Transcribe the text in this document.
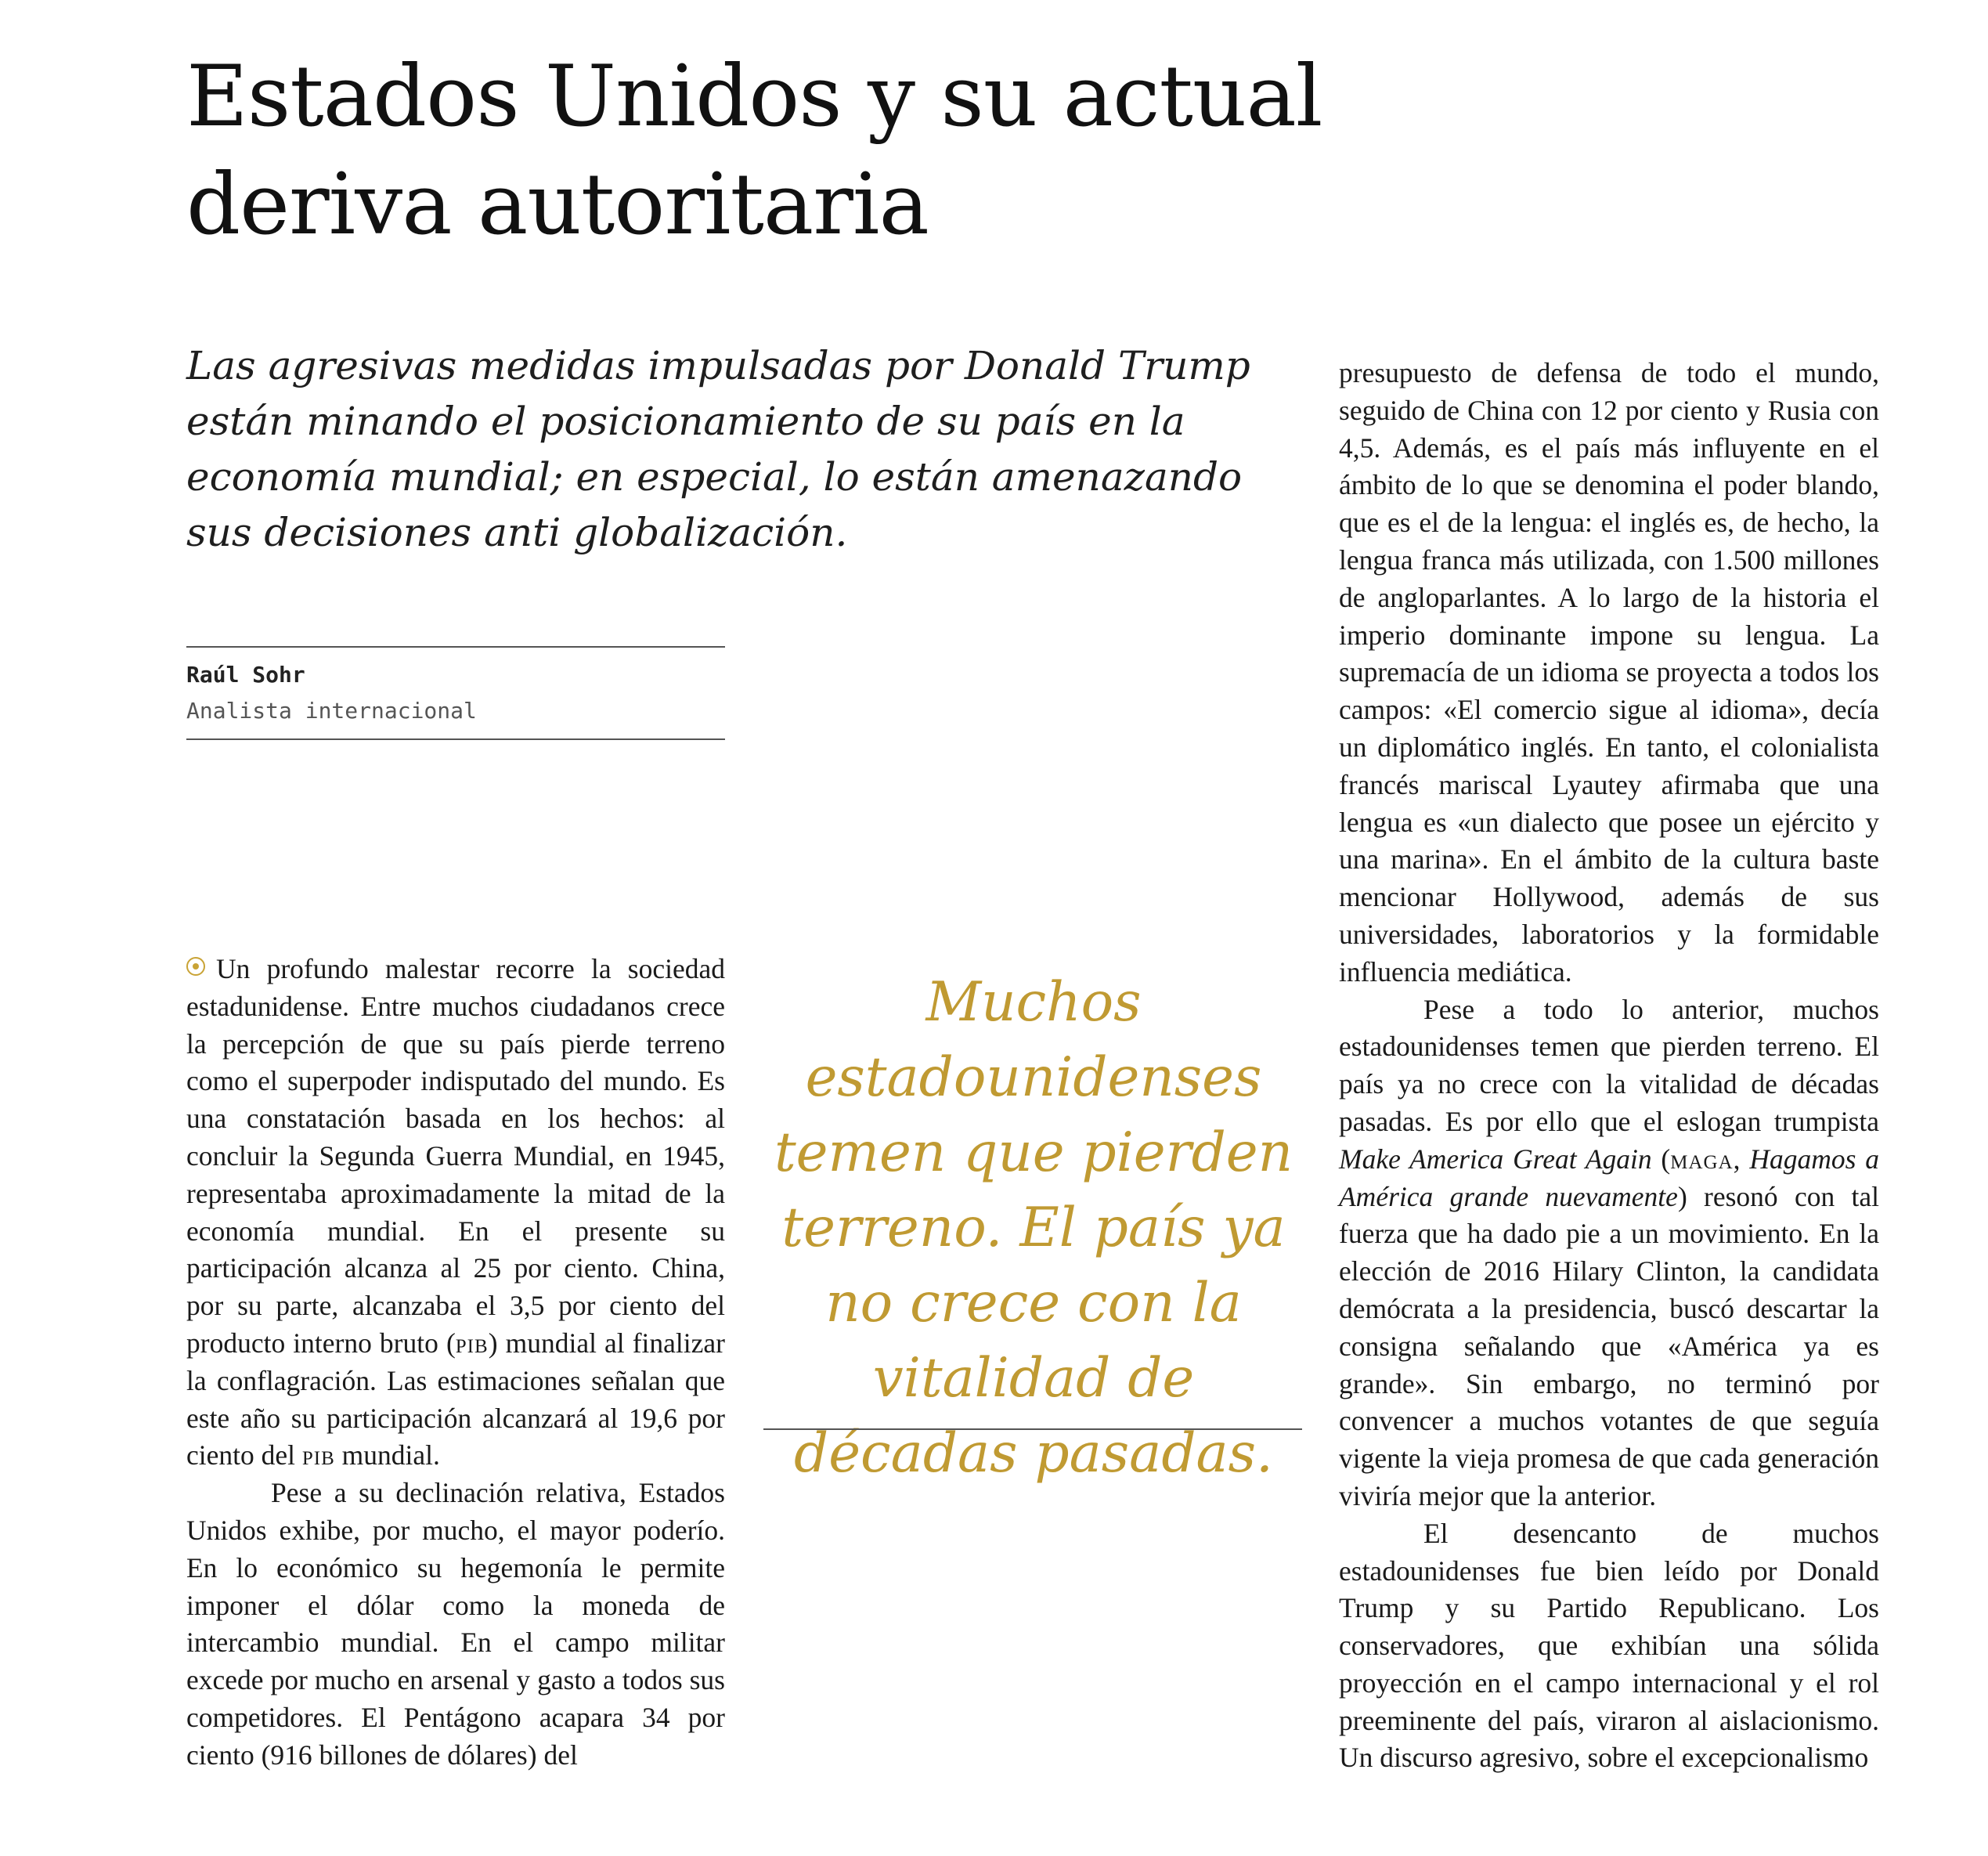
Estados Unidos y su actual deriva autoritaria

Las agresivas medidas impulsadas por Donald Trump están minando el posicionamiento de su país en la economía mundial; en especial, lo están amenazando sus decisiones anti globalización.

Raúl Sohr
Analista internacional

Un profundo malestar recorre la sociedad estadunidense. Entre muchos ciudadanos crece la percepción de que su país pierde terreno como el superpoder indisputado del mundo. Es una constatación basada en los hechos: al concluir la Segunda Guerra Mundial, en 1945, representaba aproximadamente la mitad de la economía mundial. En el presente su participación alcanza al 25 por ciento. China, por su parte, alcanzaba el 3,5 por ciento del producto interno bruto (pib) mundial al finalizar la conflagración. Las estimaciones señalan que este año su participación alcanzará al 19,6 por ciento del pib mundial.

Pese a su declinación relativa, Estados Unidos exhibe, por mucho, el mayor poderío. En lo económico su hegemonía le permite imponer el dólar como la moneda de intercambio mundial. En el campo militar excede por mucho en arsenal y gasto a todos sus competidores. El Pentágono acapara 34 por ciento (916 billones de dólares) del

Muchos estadounidenses temen que pierden terreno. El país ya no crece con la vitalidad de décadas pasadas.

presupuesto de defensa de todo el mundo, seguido de China con 12 por ciento y Rusia con 4,5. Además, es el país más influyente en el ámbito de lo que se denomina el poder blando, que es el de la lengua: el inglés es, de hecho, la lengua franca más utilizada, con 1.500 millones de angloparlantes. A lo largo de la historia el imperio dominante impone su lengua. La supremacía de un idioma se proyecta a todos los campos: «El comercio sigue al idioma», decía un diplomático inglés. En tanto, el colonialista francés mariscal Lyautey afirmaba que una lengua es «un dialecto que posee un ejército y una marina». En el ámbito de la cultura baste mencionar Hollywood, además de sus universidades, laboratorios y la formidable influencia mediática.

Pese a todo lo anterior, muchos estadounidenses temen que pierden terreno. El país ya no crece con la vitalidad de décadas pasadas. Es por ello que el eslogan trumpista Make America Great Again (maga, Hagamos a América grande nuevamente) resonó con tal fuerza que ha dado pie a un movimiento. En la elección de 2016 Hilary Clinton, la candidata demócrata a la presidencia, buscó descartar la consigna señalando que «América ya es grande». Sin embargo, no terminó por convencer a muchos votantes de que seguía vigente la vieja promesa de que cada generación viviría mejor que la anterior.

El desencanto de muchos estadounidenses fue bien leído por Donald Trump y su Partido Republicano. Los conservadores, que exhibían una sólida proyección en el campo internacional y el rol preeminente del país, viraron al aislacionismo. Un discurso agresivo, sobre el excepcionalismo
